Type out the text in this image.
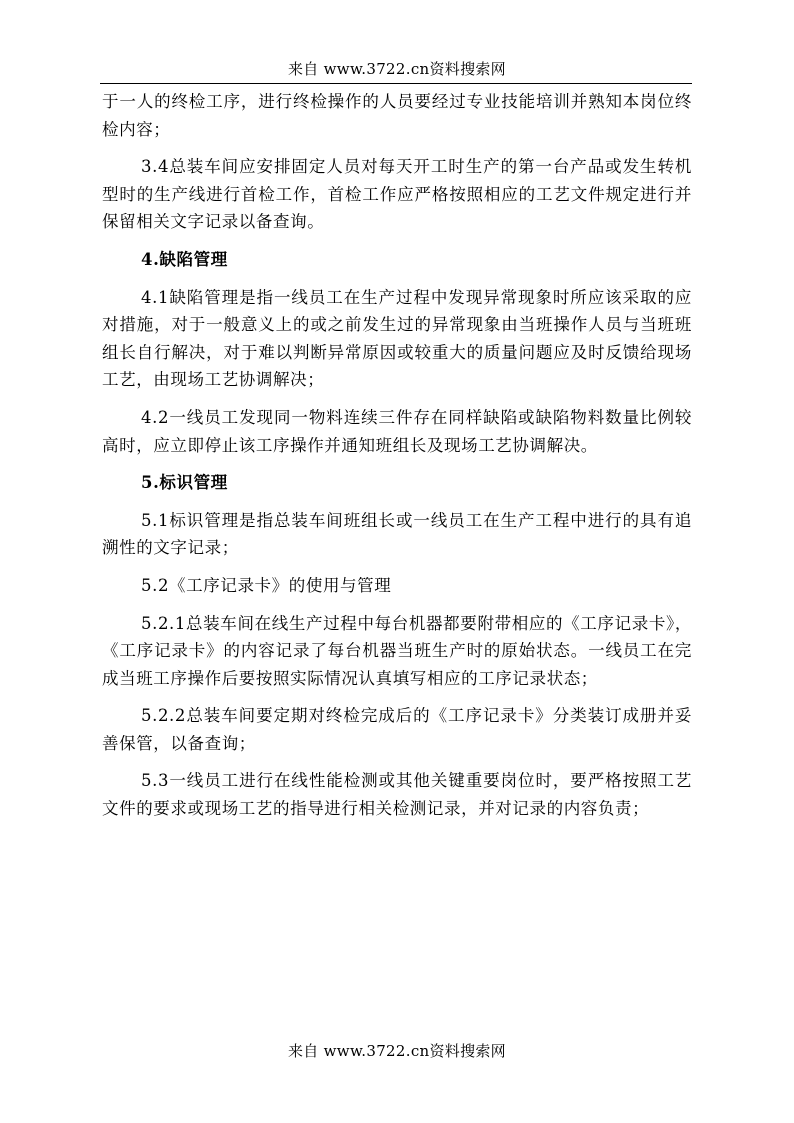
来自 www.3722.cn资料搜索网

于一人的终检工序，进行终检操作的人员要经过专业技能培训并熟知本岗位终检内容；

3.4总装车间应安排固定人员对每天开工时生产的第一台产品或发生转机型时的生产线进行首检工作，首检工作应严格按照相应的工艺文件规定进行并保留相关文字记录以备查询。

4.缺陷管理

4.1缺陷管理是指一线员工在生产过程中发现异常现象时所应该采取的应对措施，对于一般意义上的或之前发生过的异常现象由当班操作人员与当班班组长自行解决，对于难以判断异常原因或较重大的质量问题应及时反馈给现场工艺，由现场工艺协调解决；

4.2一线员工发现同一物料连续三件存在同样缺陷或缺陷物料数量比例较高时，应立即停止该工序操作并通知班组长及现场工艺协调解决。

5.标识管理

5.1标识管理是指总装车间班组长或一线员工在生产工程中进行的具有追溯性的文字记录；

5.2《工序记录卡》的使用与管理

5.2.1总装车间在线生产过程中每台机器都要附带相应的《工序记录卡》，《工序记录卡》的内容记录了每台机器当班生产时的原始状态。一线员工在完成当班工序操作后要按照实际情况认真填写相应的工序记录状态；

5.2.2总装车间要定期对终检完成后的《工序记录卡》分类装订成册并妥善保管，以备查询；

5.3一线员工进行在线性能检测或其他关键重要岗位时，要严格按照工艺文件的要求或现场工艺的指导进行相关检测记录，并对记录的内容负责；

来自 www.3722.cn资料搜索网
